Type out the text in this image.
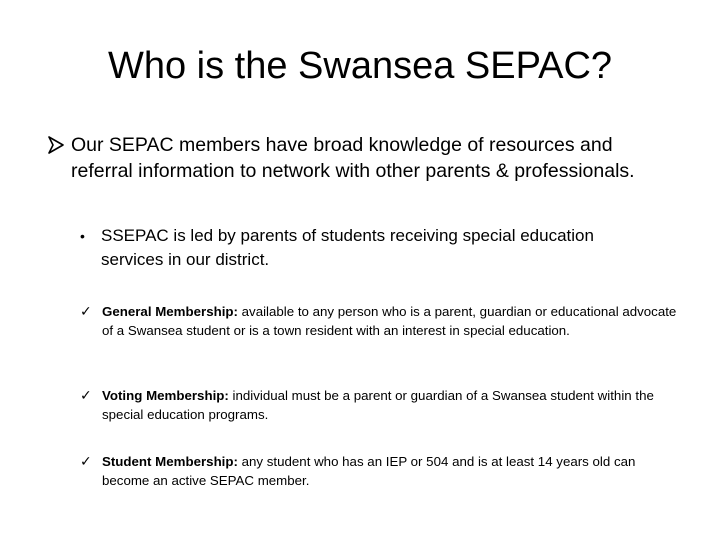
Who is the Swansea SEPAC?
Our SEPAC members have broad knowledge of resources and referral information to network with other parents & professionals.
• SSEPAC is led by parents of students receiving special education services in our district.
✓ General Membership: available to any person who is a parent, guardian or educational advocate of a Swansea student or is a town resident with an interest in special education.
✓ Voting Membership: individual must be a parent or guardian of a Swansea student within the special education programs.
✓ Student Membership: any student who has an IEP or 504 and is at least 14 years old can become an active SEPAC member.
